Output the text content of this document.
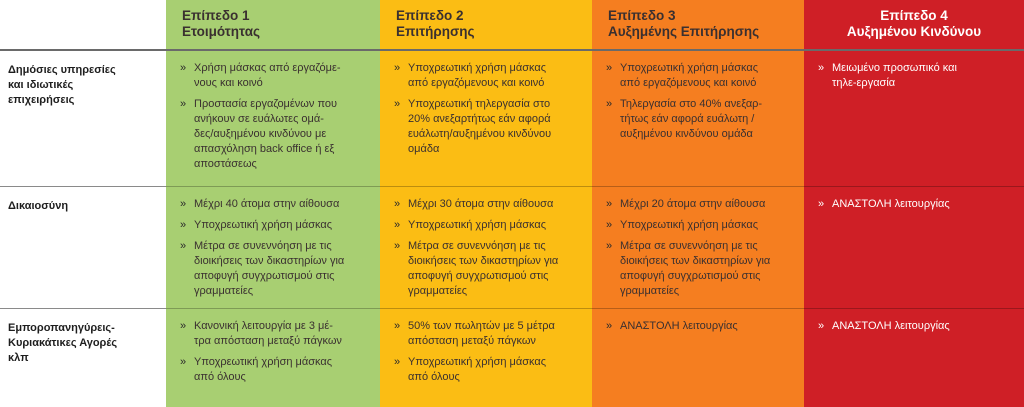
Επίπεδο 1
Ετοιμότητας
Επίπεδο 2
Επιτήρησης
Επίπεδο 3
Αυξημένης Επιτήρησης
Επίπεδο 4
Αυξημένου Κινδύνου
Δημόσιες υπηρεσίες
και ιδιωτικές
επιχειρήσεις
» Χρήση μάσκας από εργαζόμε-
νους και κοινό
» Προστασία εργαζομένων που
ανήκουν σε ευάλωτες ομά-
δες/αυξημένου κινδύνου με
απασχόληση back office ή εξ
αποστάσεως
» Υποχρεωτική χρήση μάσκας
από εργαζόμενους και κοινό
» Υποχρεωτική τηλεργασία στο
20% ανεξαρτήτως εάν αφορά
ευάλωτη/αυξημένου κινδύνου
ομάδα
» Υποχρεωτική χρήση μάσκας
από εργαζόμενους και κοινό
» Τηλεργασία στο 40% ανεξαρ-
τήτως εάν αφορά ευάλωτη /
αυξημένου κινδύνου ομάδα
» Μειωμένο προσωπικό και
τηλε-εργασία
Δικαιοσύνη	» Μέχρι 40 άτομα στην αίθουσα
» Υποχρεωτική χρήση μάσκας
» Μέτρα σε συνεννόηση με τις
διοικήσεις των δικαστηρίων για
αποφυγή συγχρωτισμού στις
γραμματείες
» Μέχρι 30 άτομα στην αίθουσα
» Υποχρεωτική χρήση μάσκας
» Μέτρα σε συνεννόηση με τις
διοικήσεις των δικαστηρίων για
αποφυγή συγχρωτισμού στις
γραμματείες
» Μέχρι 20 άτομα στην αίθουσα
» Υποχρεωτική χρήση μάσκας
» Μέτρα σε συνεννόηση με τις
διοικήσεις των δικαστηρίων για
αποφυγή συγχρωτισμού στις
γραμματείες
» ΑΝΑΣΤΟΛΗ λειτουργίας
Εμποροπανηγύρεις-
Κυριακάτικες Αγορές
κλπ
» Κανονική λειτουργία με 3 μέ-
τρα απόσταση μεταξύ πάγκων
» Υποχρεωτική χρήση μάσκας
από όλους
» 50% των πωλητών με 5 μέτρα
απόσταση μεταξύ πάγκων
» Υποχρεωτική χρήση μάσκας
από όλους
» ΑΝΑΣΤΟΛΗ λειτουργίας	» ΑΝΑΣΤΟΛΗ λειτουργίας
